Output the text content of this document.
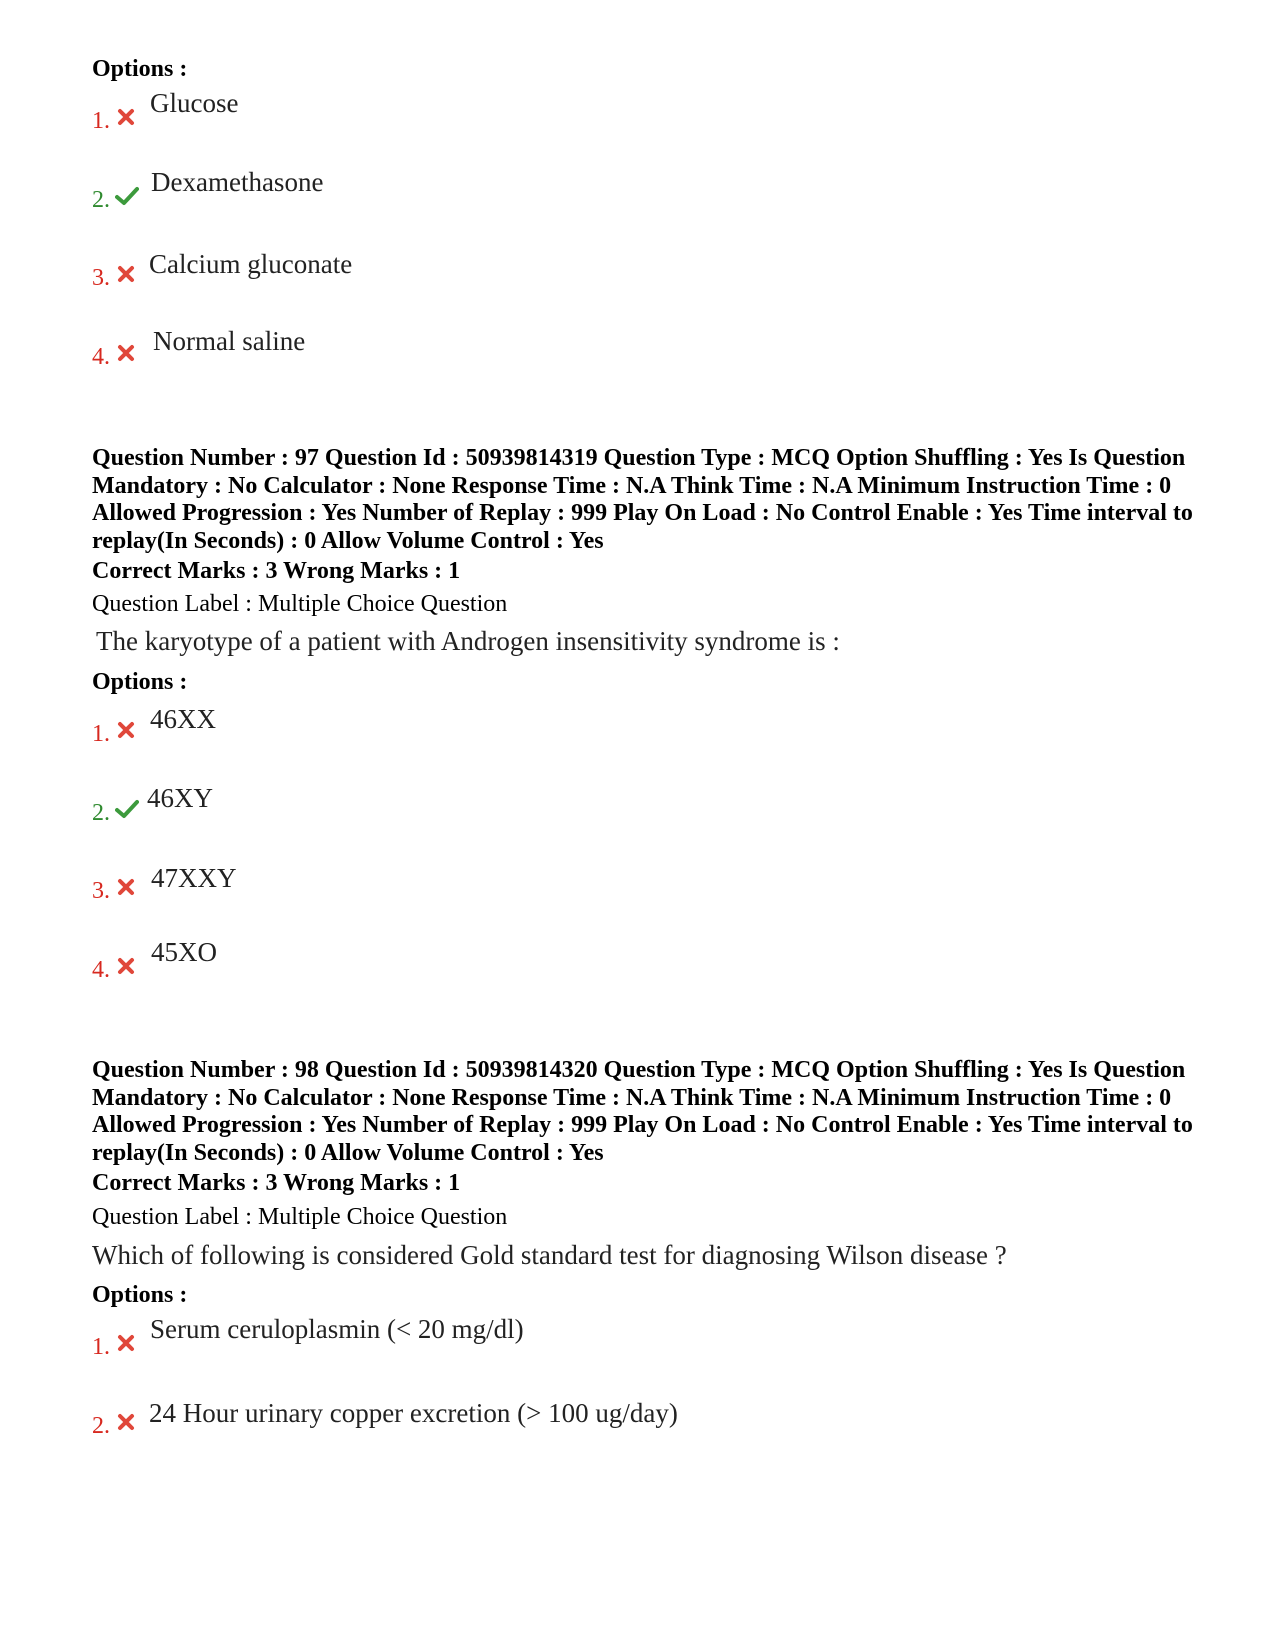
Options :
1.
Glucose
2.
Dexamethasone
3. Calcium gluconate
4.
Normal saline
Question Number : 97 Question Id : 50939814319 Question Type : MCQ Option Shuffling : Yes Is Question Mandatory : No Calculator : None Response Time : N.A Think Time : N.A Minimum Instruction Time : 0 Allowed Progression : Yes Number of Replay : 999 Play On Load : No Control Enable : Yes Time interval to replay(In Seconds) : 0 Allow Volume Control : Yes
Correct Marks : 3 Wrong Marks : 1
Question Label : Multiple Choice Question
The karyotype of a patient with Androgen insensitivity syndrome is :
Options :
1. 46XX
2. 46XY
3. 47XXY
4.
45XO
Question Number : 98 Question Id : 50939814320 Question Type : MCQ Option Shuffling : Yes Is Question Mandatory : No Calculator : None Response Time : N.A Think Time : N.A Minimum Instruction Time : 0 Allowed Progression : Yes Number of Replay : 999 Play On Load : No Control Enable : Yes Time interval to replay(In Seconds) : 0 Allow Volume Control : Yes
Correct Marks : 3 Wrong Marks : 1
Question Label : Multiple Choice Question
Which of following is considered Gold standard test for diagnosing Wilson disease ?
Options :
1.
Serum ceruloplasmin (< 20 mg/dl)
2. 24 Hour urinary copper excretion (> 100 ug/day)
